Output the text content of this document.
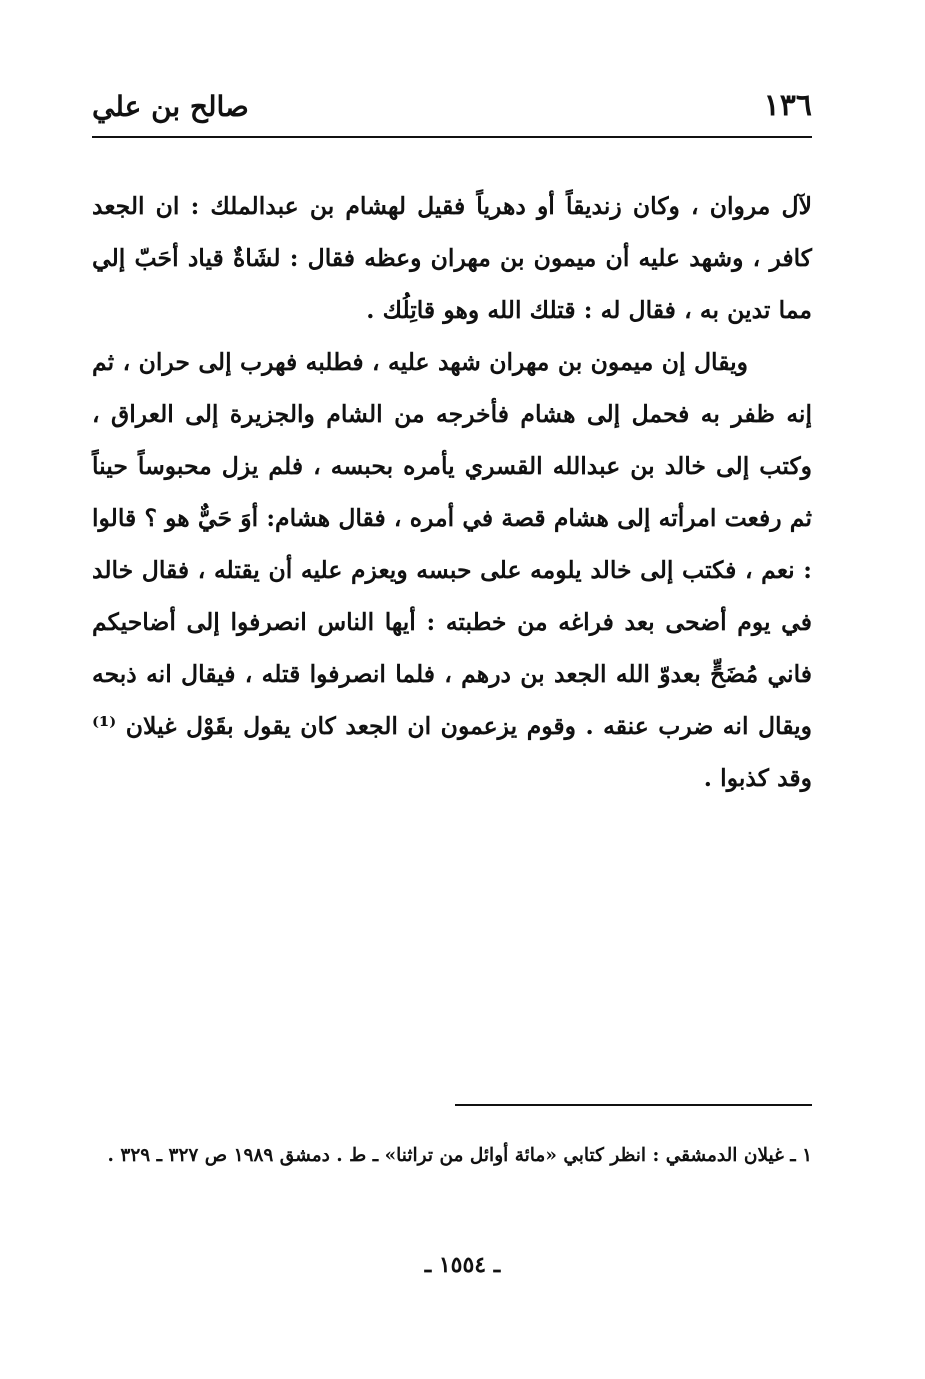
١٣٦
صالح بن علي

لآل مروان ، وكان زنديقاً أو دهرياً فقيل لهشام بن عبدالملك : ان الجعد كافر ، وشهد عليه أن ميمون بن مهران وعظه فقال : لشَاةٌ قياد أحَبّ إلي مما تدين به ، فقال له : قتلك الله وهو قاتِلُك .

ويقال إن ميمون بن مهران شهد عليه ، فطلبه فهرب إلى حران ، ثم إنه ظفر به فحمل إلى هشام فأخرجه من الشام والجزيرة إلى العراق ، وكتب إلى خالد بن عبدالله القسري يأمره بحبسه ، فلم يزل محبوساً حيناً ثم رفعت امرأته إلى هشام قصة في أمره ، فقال هشام: أوَ حَيٌّ هو ؟ قالوا : نعم ، فكتب إلى خالد يلومه على حبسه ويعزم عليه أن يقتله ، فقال خالد في يوم أضحى بعد فراغه من خطبته : أيها الناس انصرفوا إلى أضاحيكم فاني مُضَحٍّ بعدوّ الله الجعد بن درهم ، فلما انصرفوا قتله ، فيقال انه ذبحه ويقال انه ضرب عنقه . وقوم يزعمون ان الجعد كان يقول بقَوْل غيلان ⁽¹⁾ وقد كذبوا .

١ ـ غيلان الدمشقي : انظر كتابي «مائة أوائل من تراثنا» ـ ط . دمشق ١٩٨٩ ص ٣٢٧ ـ ٣٢٩ .

ـ ١٥٥٤ ـ
